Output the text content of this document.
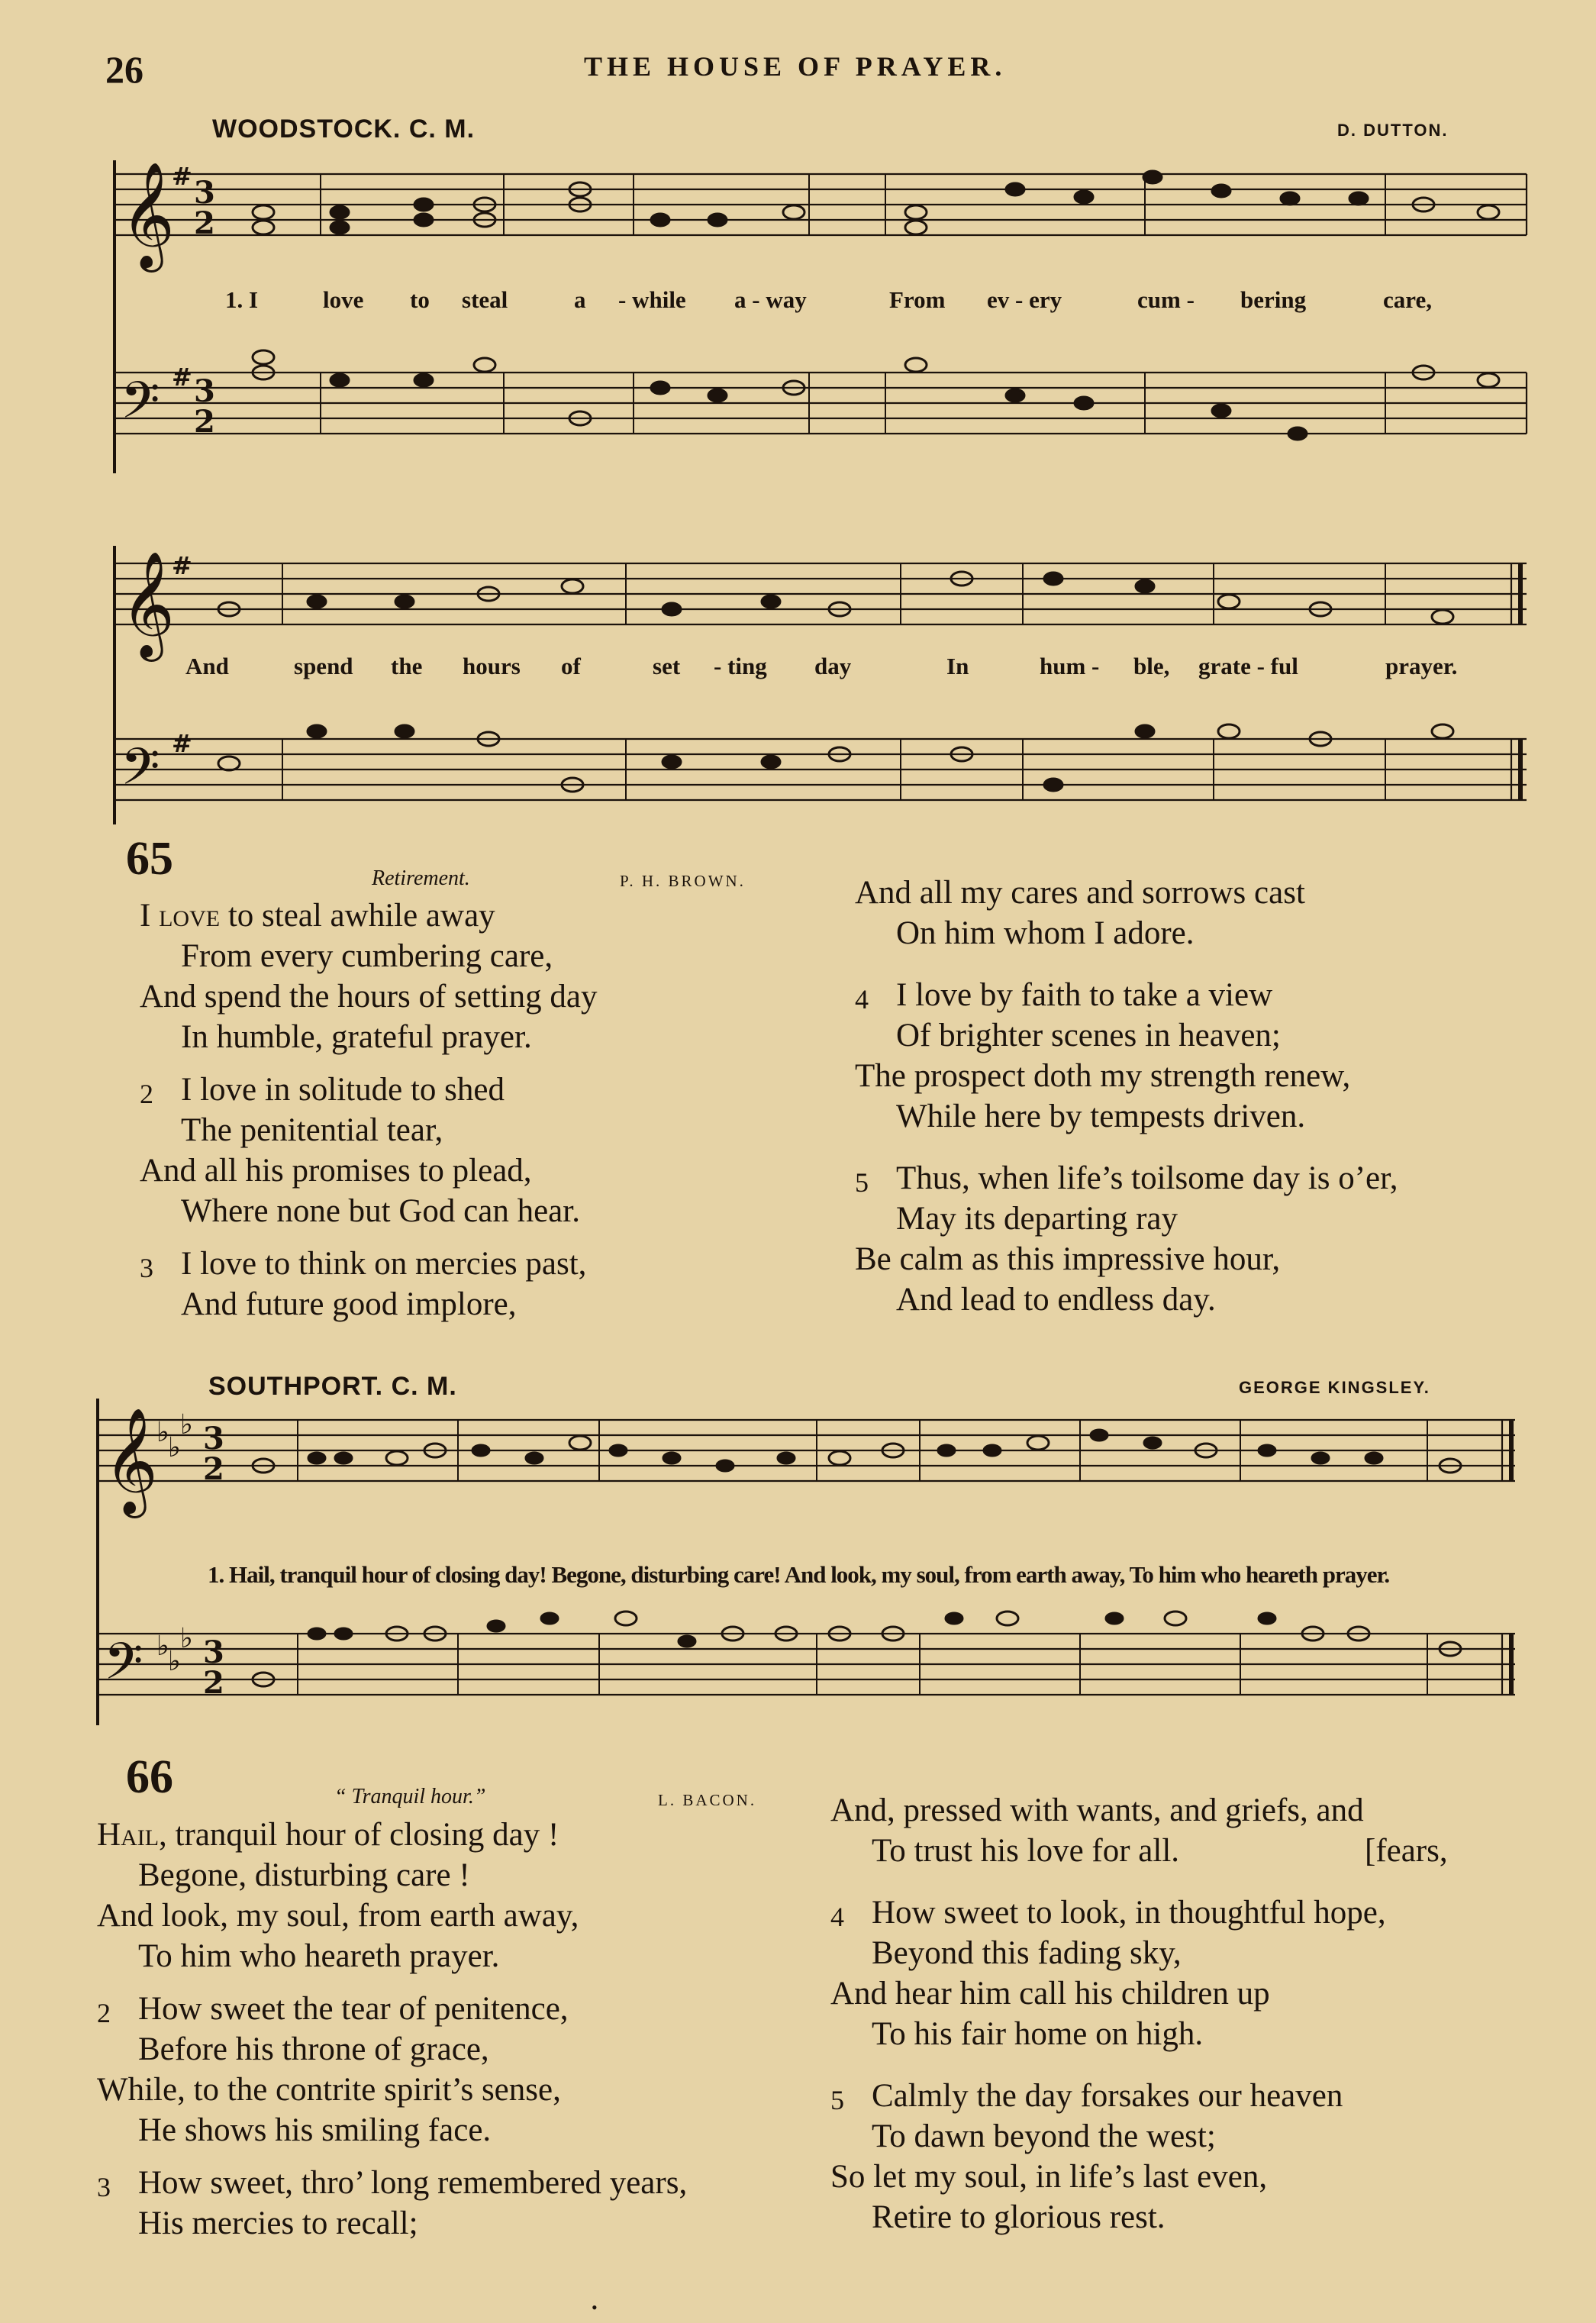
26	THE HOUSE OF PRAYER.
WOODSTOCK. C. M.	D. DUTTON.
𝄞
𝄢
𝄞
𝄢
#
#
#
#
3
2
3
2
1. I	love to steal	a - while a - way	From ev - ery	cum - bering	care,
And	spend the hours of	set - ting day	In	hum - ble, grate - ful	prayer.
65	Retirement.	P. H. BROWN.
I love to steal awhile away
From every cumbering care,
And spend the hours of setting day
In humble, grateful prayer.
2 I love in solitude to shed
The penitential tear,
And all his promises to plead,
Where none but God can hear.
3 I love to think on mercies past,
And future good implore,
And all my cares and sorrows cast
On him whom I adore.
4 I love by faith to take a view
Of brighter scenes in heaven;
The prospect doth my strength renew,
While here by tempests driven.
5 Thus, when life’s toilsome day is o’er,
May its departing ray
Be calm as this impressive hour,
And lead to endless day.
SOUTHPORT. C. M.	GEORGE KINGSLEY.
𝄞
𝄢
♭
♭
♭
♭
♭
♭
3
2
3
2
1. Hail, tranquil hour of closing day! Begone, disturbing care! And look, my soul, from earth away, To him who heareth prayer.
66	“ Tranquil hour.”	L. BACON.
Hail, tranquil hour of closing day !
Begone, disturbing care !
And look, my soul, from earth away,
To him who heareth prayer.
2 How sweet the tear of penitence,
Before his throne of grace,
While, to the contrite spirit’s sense,
He shows his smiling face.
3 How sweet, thro’ long remembered years,
His mercies to recall;
And, pressed with wants, and griefs, and
To trust his love for all.	[fears,
4 How sweet to look, in thoughtful hope,
Beyond this fading sky,
And hear him call his children up
To his fair home on high.
5 Calmly the day forsakes our heaven
To dawn beyond the west;
So let my soul, in life’s last even,
Retire to glorious rest.
•
